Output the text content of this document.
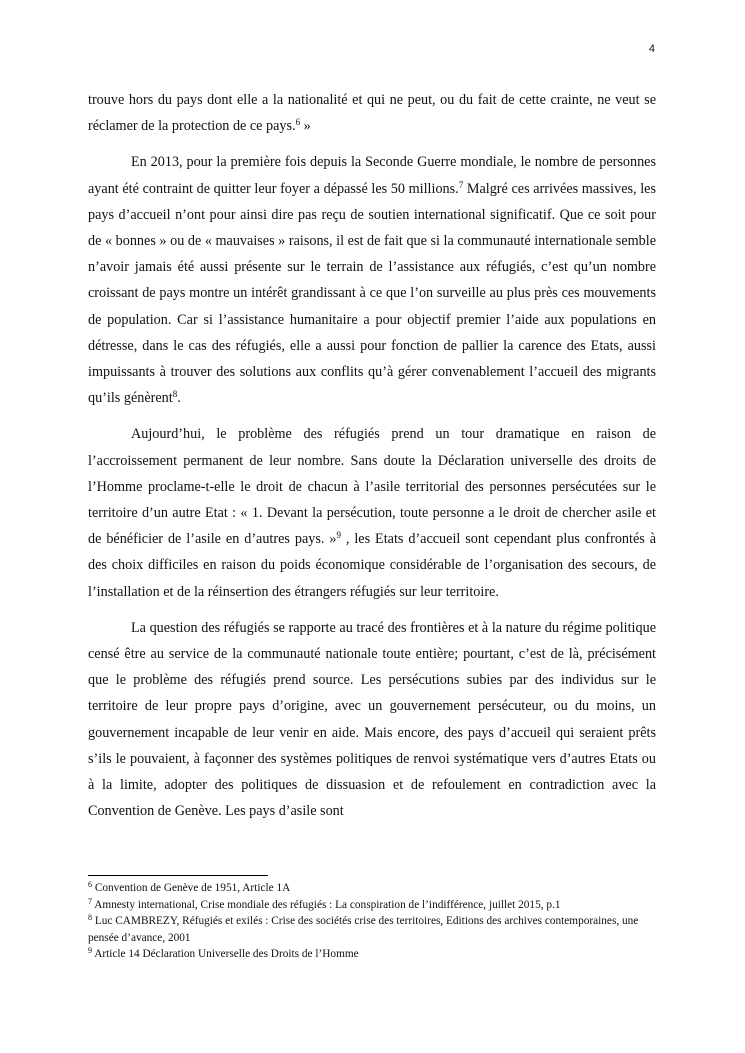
4

trouve hors du pays dont elle a la nationalité et qui ne peut, ou du fait de cette crainte, ne veut se réclamer de la protection de ce pays.$^6$ »

En 2013, pour la première fois depuis la Seconde Guerre mondiale, le nombre de personnes ayant été contraint de quitter leur foyer a dépassé les 50 millions.$^7$ Malgré ces arrivées massives, les pays d’accueil n’ont pour ainsi dire pas reçu de soutien international significatif. Que ce soit pour de « bonnes » ou de « mauvaises » raisons, il est de fait que si la communauté internationale semble n’avoir jamais été aussi présente sur le terrain de l’assistance aux réfugiés, c’est qu’un nombre croissant de pays montre un intérêt grandissant à ce que l’on surveille au plus près ces mouvements de population. Car si l’assistance humanitaire a pour objectif premier l’aide aux populations en détresse, dans le cas des réfugiés, elle a aussi pour fonction de pallier la carence des Etats, aussi impuissants à trouver des solutions aux conflits qu’à gérer convenablement l’accueil des migrants qu’ils génèrent$^8$.

Aujourd’hui, le problème des réfugiés prend un tour dramatique en raison de l’accroissement permanent de leur nombre. Sans doute la Déclaration universelle des droits de l’Homme proclame-t-elle le droit de chacun à l’asile territorial des personnes persécutées sur le territoire d’un autre Etat : « 1. Devant la persécution, toute personne a le droit de chercher asile et de bénéficier de l’asile en d’autres pays. »$^9$ , les Etats d’accueil sont cependant plus confrontés à des choix difficiles en raison du poids économique considérable de l’organisation des secours, de l’installation et de la réinsertion des étrangers réfugiés sur leur territoire.

La question des réfugiés se rapporte au tracé des frontières et à la nature du régime politique censé être au service de la communauté nationale toute entière; pourtant, c’est de là, précisément que le problème des réfugiés prend source. Les persécutions subies par des individus sur le territoire de leur propre pays d’origine, avec un gouvernement persécuteur, ou du moins, un gouvernement incapable de leur venir en aide. Mais encore, des pays d’accueil qui seraient prêts s’ils le pouvaient, à façonner des systèmes politiques de renvoi systématique vers d’autres Etats ou à la limite, adopter des politiques de dissuasion et de refoulement en contradiction avec la Convention de Genève. Les pays d’asile sont

$^6$ Convention de Genève de 1951, Article 1A
$^7$ Amnesty international, Crise mondiale des réfugiés : La conspiration de l’indifférence, juillet 2015, p.1
$^8$ Luc CAMBREZY, Réfugiés et exilés : Crise des sociétés crise des territoires, Editions des archives contemporaines, une pensée d’avance, 2001
$^9$ Article 14 Déclaration Universelle des Droits de l’Homme
